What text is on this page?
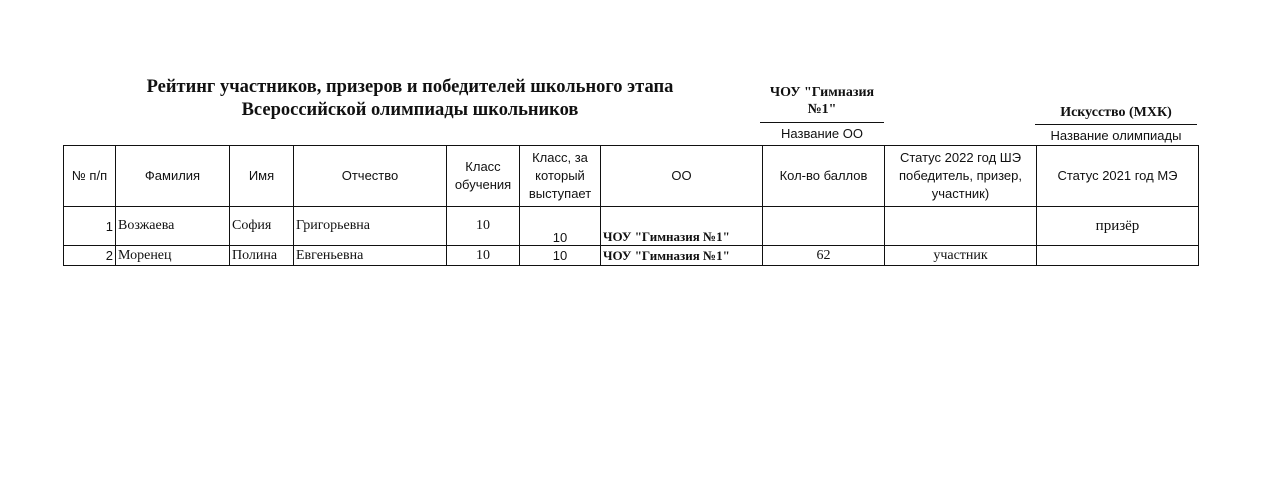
Рейтинг участников, призеров и победителей школьного этапа
Всероссийской олимпиады школьников
ЧОУ "Гимназия №1"
Название ОО
Искусство (МХК)
Название олимпиады
№ п/п	Фамилия	Имя	Отчество	Класс обучения	Класс, за который выступает	ОО	Кол-во баллов	Статус 2022 год ШЭ победитель, призер, участник)	Статус 2021 год МЭ
1	Возжаева	София	Григорьевна	10	10	ЧОУ "Гимназия №1"			призёр
2	Моренец	Полина	Евгеньевна	10	10	ЧОУ "Гимназия №1"	62	участник	
